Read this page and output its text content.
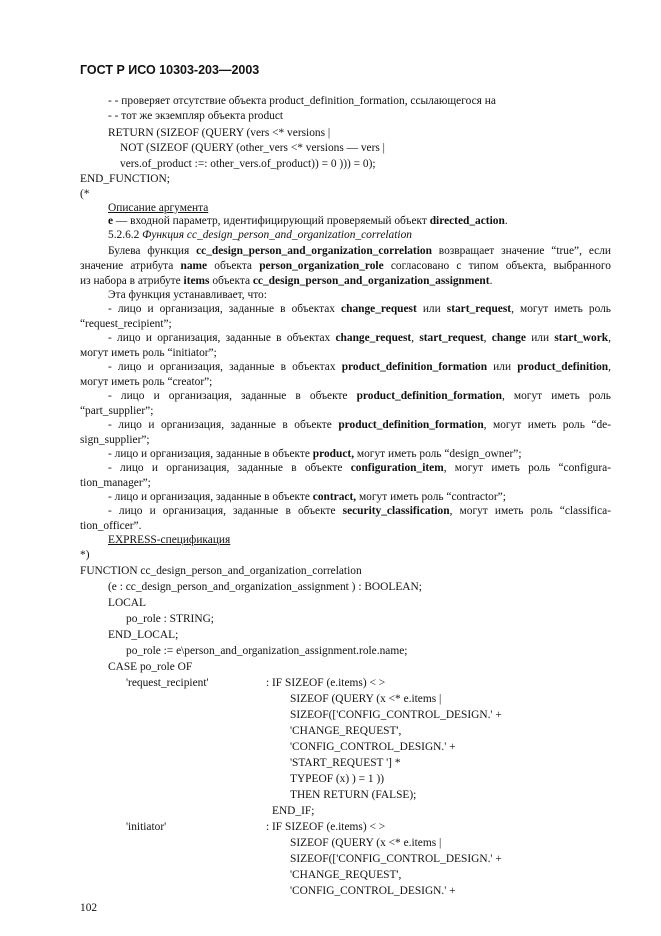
ГОСТ Р ИСО 10303-203—2003
- - проверяет отсутствие объекта product_definition_formation, ссылающегося на
- - тот же экземпляр объекта product
RETURN (SIZEOF (QUERY (vers <* versions |
NOT (SIZEOF (QUERY (other_vers <* versions — vers |
vers.of_product :=: other_vers.of_product)) = 0 ))) = 0);
END_FUNCTION;
(*
Описание аргумента
e — входной параметр, идентифицирующий проверяемый объект directed_action.
5.2.6.2 Функция cc_design_person_and_organization_correlation
Булева функция cc_design_person_and_organization_correlation возвращает значение “true”, если
значение атрибута name объекта person_organization_role согласовано с типом объекта, выбранного
из набора в атрибуте items объекта cc_design_person_and_organization_assignment.
Эта функция устанавливает, что:
- лицо и организация, заданные в объектах change_request или start_request, могут иметь роль
“request_recipient”;
- лицо и организация, заданные в объектах change_request, start_request, change или start_work,
могут иметь роль “initiator”;
- лицо и организация, заданные в объектах product_definition_formation или product_definition,
могут иметь роль “creator”;
- лицо и организация, заданные в объекте product_definition_formation, могут иметь роль
“part_supplier”;
- лицо и организация, заданные в объекте product_definition_formation, могут иметь роль “de-
sign_supplier”;
- лицо и организация, заданные в объекте product, могут иметь роль “design_owner”;
- лицо и организация, заданные в объекте configuration_item, могут иметь роль “configura-
tion_manager”;
- лицо и организация, заданные в объекте contract, могут иметь роль “contractor”;
- лицо и организация, заданные в объекте security_classification, могут иметь роль “classifica-
tion_officer”.
EXPRESS-спецификация
*)
FUNCTION cc_design_person_and_organization_correlation
(e : cc_design_person_and_organization_assignment ) : BOOLEAN;
LOCAL
po_role : STRING;
END_LOCAL;
po_role := e\person_and_organization_assignment.role.name;
CASE po_role OF
'request_recipient'	: IF SIZEOF (e.items) < >
SIZEOF (QUERY (x <* e.items |
SIZEOF(['CONFIG_CONTROL_DESIGN.' +
'CHANGE_REQUEST',
'CONFIG_CONTROL_DESIGN.' +
'START_REQUEST '] *
TYPEOF (x) ) = 1 ))
THEN RETURN (FALSE);
END_IF;
'initiator'	: IF SIZEOF (e.items) < >
SIZEOF (QUERY (x <* e.items |
SIZEOF(['CONFIG_CONTROL_DESIGN.' +
'CHANGE_REQUEST',
'CONFIG_CONTROL_DESIGN.' +
102
